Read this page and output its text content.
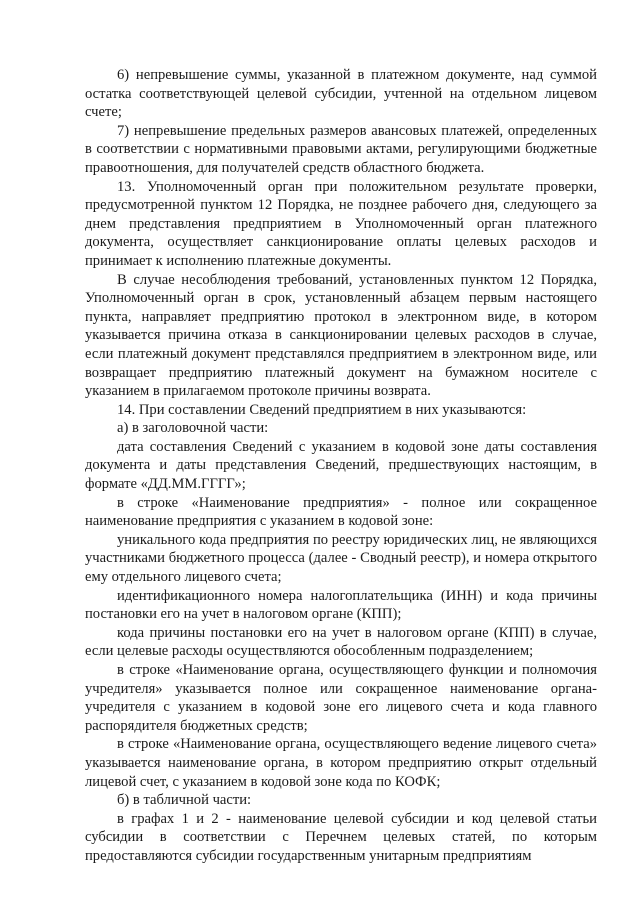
6) непревышение суммы, указанной в платежном документе, над суммой остатка соответствующей целевой субсидии, учтенной на отдельном лицевом счете;

7) непревышение предельных размеров авансовых платежей, определенных в соответствии с нормативными правовыми актами, регулирующими бюджетные правоотношения, для получателей средств областного бюджета.

13. Уполномоченный орган при положительном результате проверки, предусмотренной пунктом 12 Порядка, не позднее рабочего дня, следующего за днем представления предприятием в Уполномоченный орган платежного документа, осуществляет санкционирование оплаты целевых расходов и принимает к исполнению платежные документы.

В случае несоблюдения требований, установленных пунктом 12 Порядка, Уполномоченный орган в срок, установленный абзацем первым настоящего пункта, направляет предприятию протокол в электронном виде, в котором указывается причина отказа в санкционировании целевых расходов в случае, если платежный документ представлялся предприятием в электронном виде, или возвращает предприятию платежный документ на бумажном носителе с указанием в прилагаемом протоколе причины возврата.

14. При составлении Сведений предприятием в них указываются:

а) в заголовочной части:

дата составления Сведений с указанием в кодовой зоне даты составления документа и даты представления Сведений, предшествующих настоящим, в формате «ДД.ММ.ГГГГ»;

в строке «Наименование предприятия» - полное или сокращенное наименование предприятия с указанием в кодовой зоне:

уникального кода предприятия по реестру юридических лиц, не являющихся участниками бюджетного процесса (далее - Сводный реестр), и номера открытого ему отдельного лицевого счета;

идентификационного номера налогоплательщика (ИНН) и кода причины постановки его на учет в налоговом органе (КПП);

кода причины постановки его на учет в налоговом органе (КПП) в случае, если целевые расходы осуществляются обособленным подразделением;

в строке «Наименование органа, осуществляющего функции и полномочия учредителя» указывается полное или сокращенное наименование органа-учредителя с указанием в кодовой зоне его лицевого счета и кода главного распорядителя бюджетных средств;

в строке «Наименование органа, осуществляющего ведение лицевого счета» указывается наименование органа, в котором предприятию открыт отдельный лицевой счет, с указанием в кодовой зоне кода по КОФК;

б) в табличной части:

в графах 1 и 2 - наименование целевой субсидии и код целевой статьи субсидии в соответствии с Перечнем целевых статей, по которым предоставляются субсидии государственным унитарным предприятиям
